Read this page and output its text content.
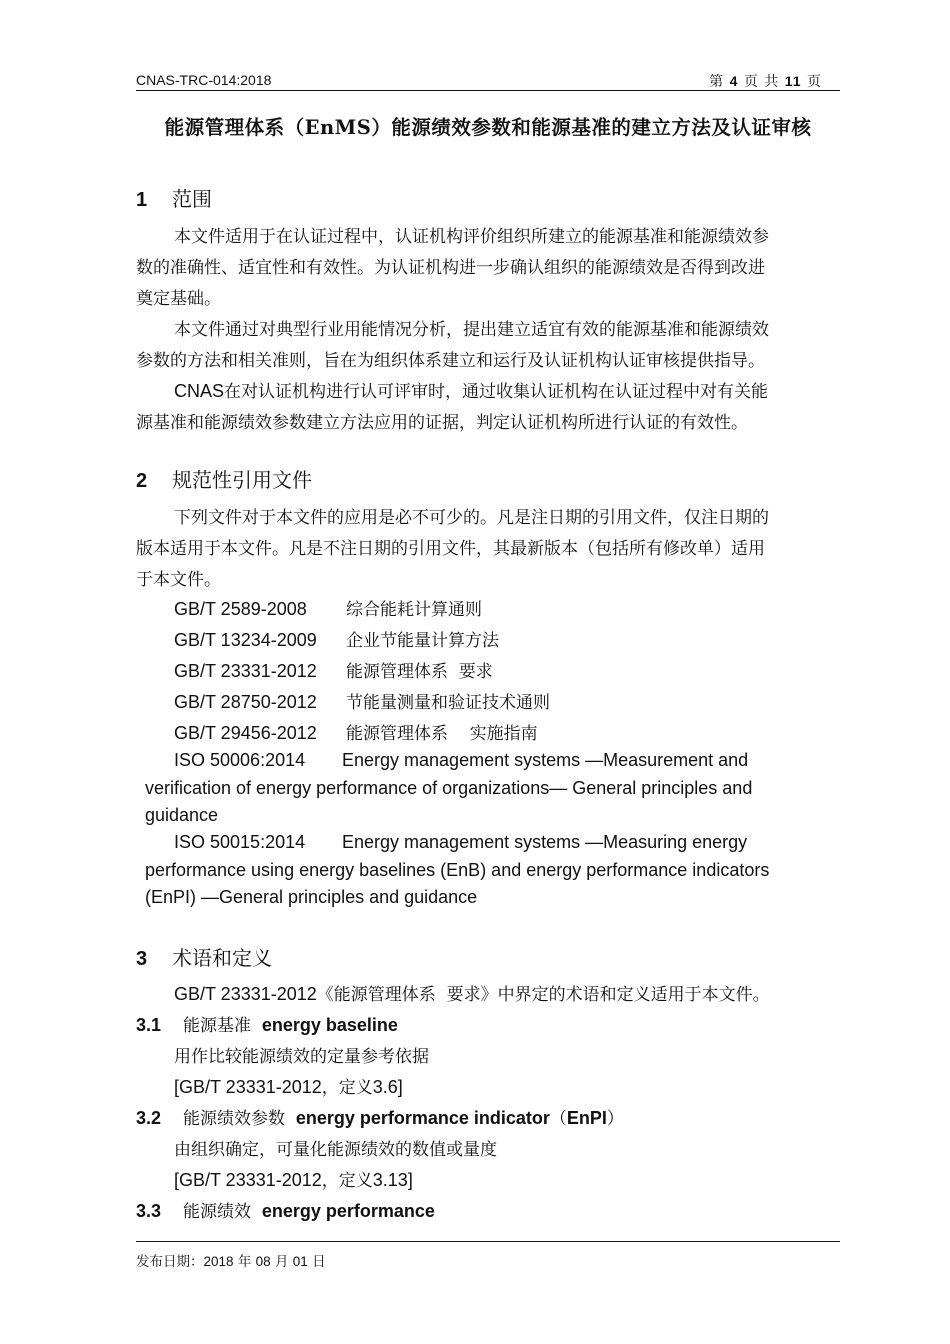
CNAS-TRC-014:2018	第 4 页 共 11 页
能源管理体系（EnMS）能源绩效参数和能源基准的建立方法及认证审核
1 范围
本文件适用于在认证过程中，认证机构评价组织所建立的能源基准和能源绩效参
数的准确性、适宜性和有效性。为认证机构进一步确认组织的能源绩效是否得到改进
奠定基础。
本文件通过对典型行业用能情况分析，提出建立适宜有效的能源基准和能源绩效
参数的方法和相关准则，旨在为组织体系建立和运行及认证机构认证审核提供指导。
CNAS在对认证机构进行认可评审时，通过收集认证机构在认证过程中对有关能
源基准和能源绩效参数建立方法应用的证据，判定认证机构所进行认证的有效性。
2 规范性引用文件
下列文件对于本文件的应用是必不可少的。凡是注日期的引用文件，仅注日期的
版本适用于本文件。凡是不注日期的引用文件，其最新版本（包括所有修改单）适用
于本文件。
GB/T 2589-2008 综合能耗计算通则
GB/T 13234-2009 企业节能量计算方法
GB/T 23331-2012 能源管理体系  要求
GB/T 28750-2012 节能量测量和验证技术通则
GB/T 29456-2012 能源管理体系    实施指南
ISO 50006:2014 Energy management systems —Measurement and
verification of energy performance of organizations— General principles and
guidance
ISO 50015:2014 Energy management systems —Measuring energy
performance using energy baselines (EnB) and energy performance indicators
(EnPI) —General principles and guidance
3 术语和定义
GB/T 23331-2012《能源管理体系  要求》中界定的术语和定义适用于本文件。
3.1 能源基准 energy baseline
用作比较能源绩效的定量参考依据
[GB/T 23331-2012，定义3.6]
3.2 能源绩效参数 energy performance indicator（EnPI）
由组织确定，可量化能源绩效的数值或量度
[GB/T 23331-2012，定义3.13]
3.3 能源绩效 energy performance
发布日期：2018 年 08 月 01 日
